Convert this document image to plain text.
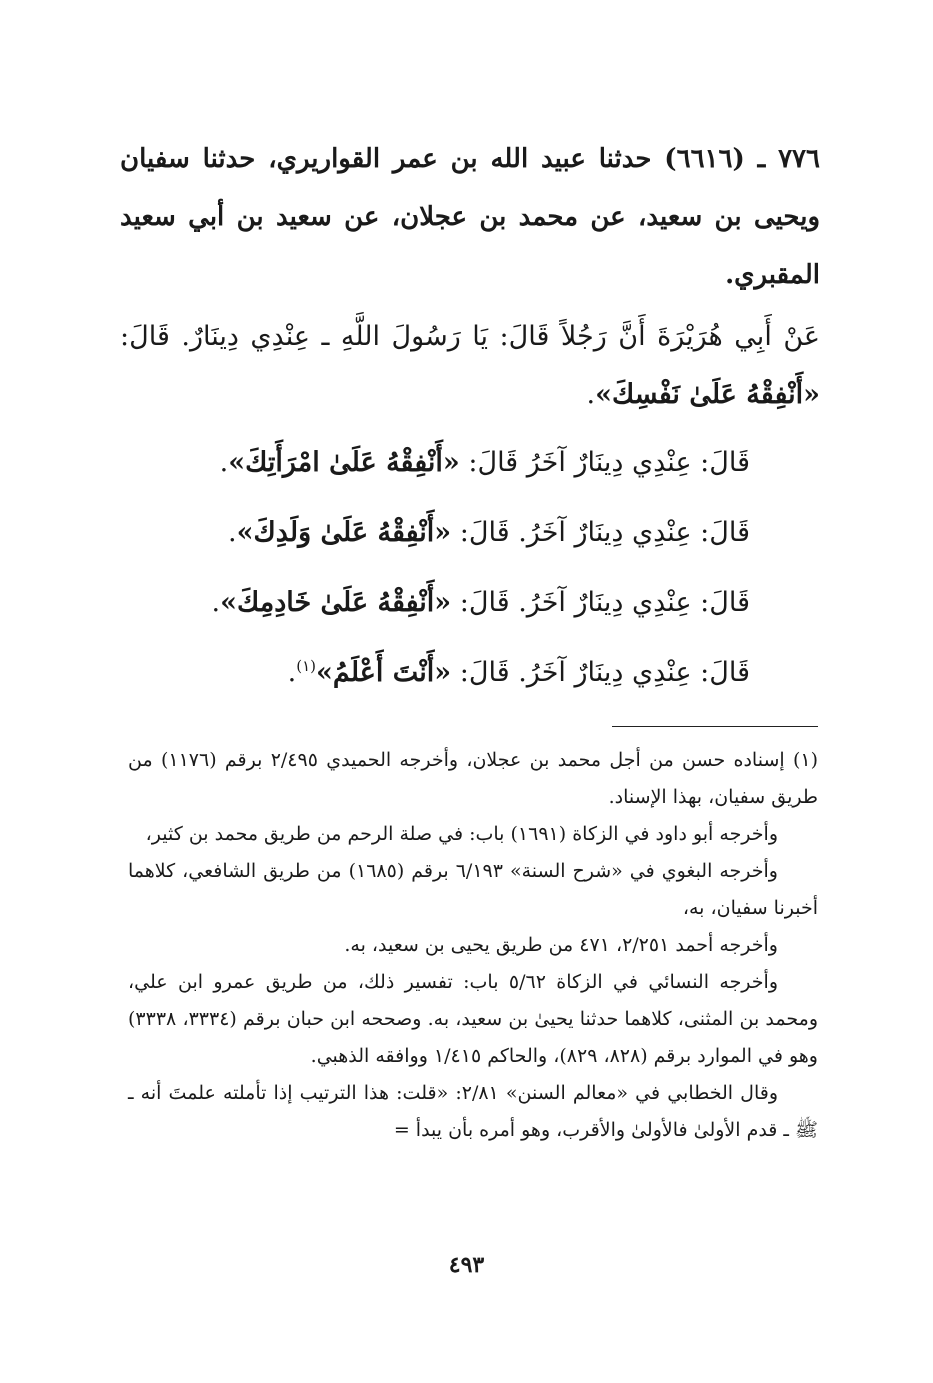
٧٧٦ ـ (٦٦١٦) حدثنا عبيد الله بن عمر القواريري، حدثنا سفيان ويحيى بن سعيد، عن محمد بن عجلان، عن سعيد بن أبي سعيد المقبري.

عَنْ أَبِي هُرَيْرَةَ أَنَّ رَجُلاً قَالَ: يَا رَسُولَ اللَّهِ ـ عِنْدِي دِينَارٌ. قَالَ: «أَنْفِقْهُ عَلَىٰ نَفْسِكَ».

قَالَ: عِنْدِي دِينَارٌ آخَرُ قَالَ: «أَنْفِقْهُ عَلَىٰ امْرَأَتِكَ».

قَالَ: عِنْدِي دِينَارٌ آخَرُ. قَالَ: «أَنْفِقْهُ عَلَىٰ وَلَدِكَ».

قَالَ: عِنْدِي دِينَارٌ آخَرُ. قَالَ: «أَنْفِقْهُ عَلَىٰ خَادِمِكَ».

قَالَ: عِنْدِي دِينَارٌ آخَرُ. قَالَ: «أَنْتَ أَعْلَمُ»$^{(١)}$.

(١) إسناده حسن من أجل محمد بن عجلان، وأخرجه الحميدي ٢/٤٩٥ برقم (١١٧٦) من طريق سفيان، بهذا الإسناد.

وأخرجه أبو داود في الزكاة (١٦٩١) باب: في صلة الرحم من طريق محمد بن كثير،

وأخرجه البغوي في «شرح السنة» ٦/١٩٣ برقم (١٦٨٥) من طريق الشافعي، كلاهما أخبرنا سفيان، به،

وأخرجه أحمد ٢/٢٥١، ٤٧١ من طريق يحيى بن سعيد، به.

وأخرجه النسائي في الزكاة ٥/٦٢ باب: تفسير ذلك، من طريق عمرو ابن علي، ومحمد بن المثنى، كلاهما حدثنا يحيىٰ بن سعيد، به. وصححه ابن حبان برقم (٣٣٣٤، ٣٣٣٨) وهو في الموارد برقم (٨٢٨، ٨٢٩)، والحاكم ١/٤١٥ ووافقه الذهبي.

وقال الخطابي في «معالم السنن» ٢/٨١: «قلت: هذا الترتيب إذا تأملته علمتَ أنه ـ ﷺ ـ قدم الأولىٰ فالأولىٰ والأقرب، وهو أمره بأن يبدأ =

٤٩٣
